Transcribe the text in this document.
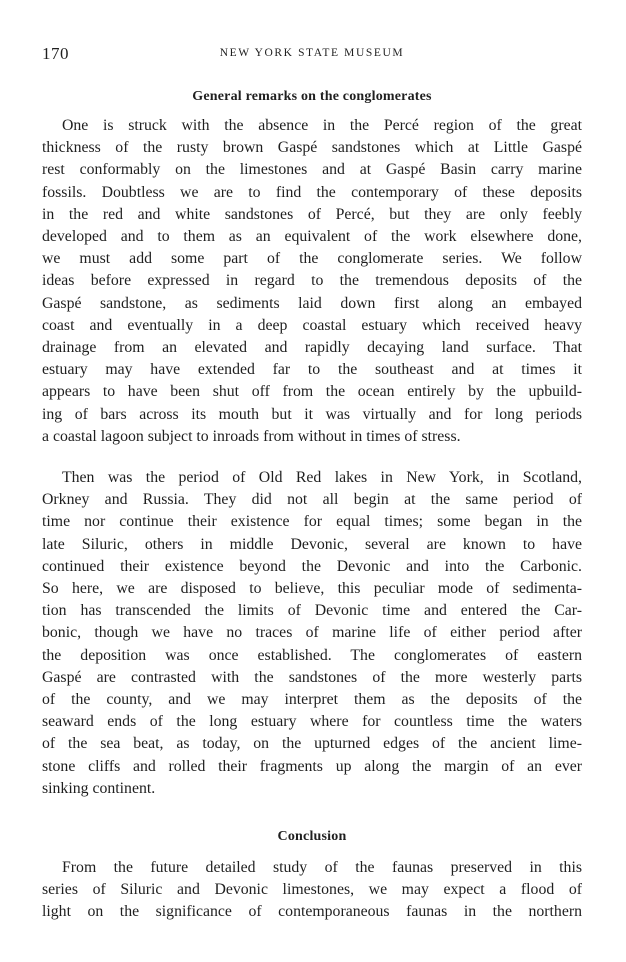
170	NEW YORK STATE MUSEUM
General remarks on the conglomerates
One is struck with the absence in the Percé region of the great
thickness of the rusty brown Gaspé sandstones which at Little Gaspé
rest conformably on the limestones and at Gaspé Basin carry marine
fossils. Doubtless we are to find the contemporary of these deposits
in the red and white sandstones of Percé, but they are only feebly
developed and to them as an equivalent of the work elsewhere done,
we must add some part of the conglomerate series. We follow
ideas before expressed in regard to the tremendous deposits of the
Gaspé sandstone, as sediments laid down first along an embayed
coast and eventually in a deep coastal estuary which received heavy
drainage from an elevated and rapidly decaying land surface. That
estuary may have extended far to the southeast and at times it
appears to have been shut off from the ocean entirely by the upbuild-
ing of bars across its mouth but it was virtually and for long periods
a coastal lagoon subject to inroads from without in times of stress.
Then was the period of Old Red lakes in New York, in Scotland,
Orkney and Russia. They did not all begin at the same period of
time nor continue their existence for equal times; some began in the
late Siluric, others in middle Devonic, several are known to have
continued their existence beyond the Devonic and into the Carbonic.
So here, we are disposed to believe, this peculiar mode of sedimenta-
tion has transcended the limits of Devonic time and entered the Car-
bonic, though we have no traces of marine life of either period after
the deposition was once established. The conglomerates of eastern
Gaspé are contrasted with the sandstones of the more westerly parts
of the county, and we may interpret them as the deposits of the
seaward ends of the long estuary where for countless time the waters
of the sea beat, as today, on the upturned edges of the ancient lime-
stone cliffs and rolled their fragments up along the margin of an ever
sinking continent.
Conclusion
From the future detailed study of the faunas preserved in this
series of Siluric and Devonic limestones, we may expect a flood of
light on the significance of contemporaneous faunas in the northern
